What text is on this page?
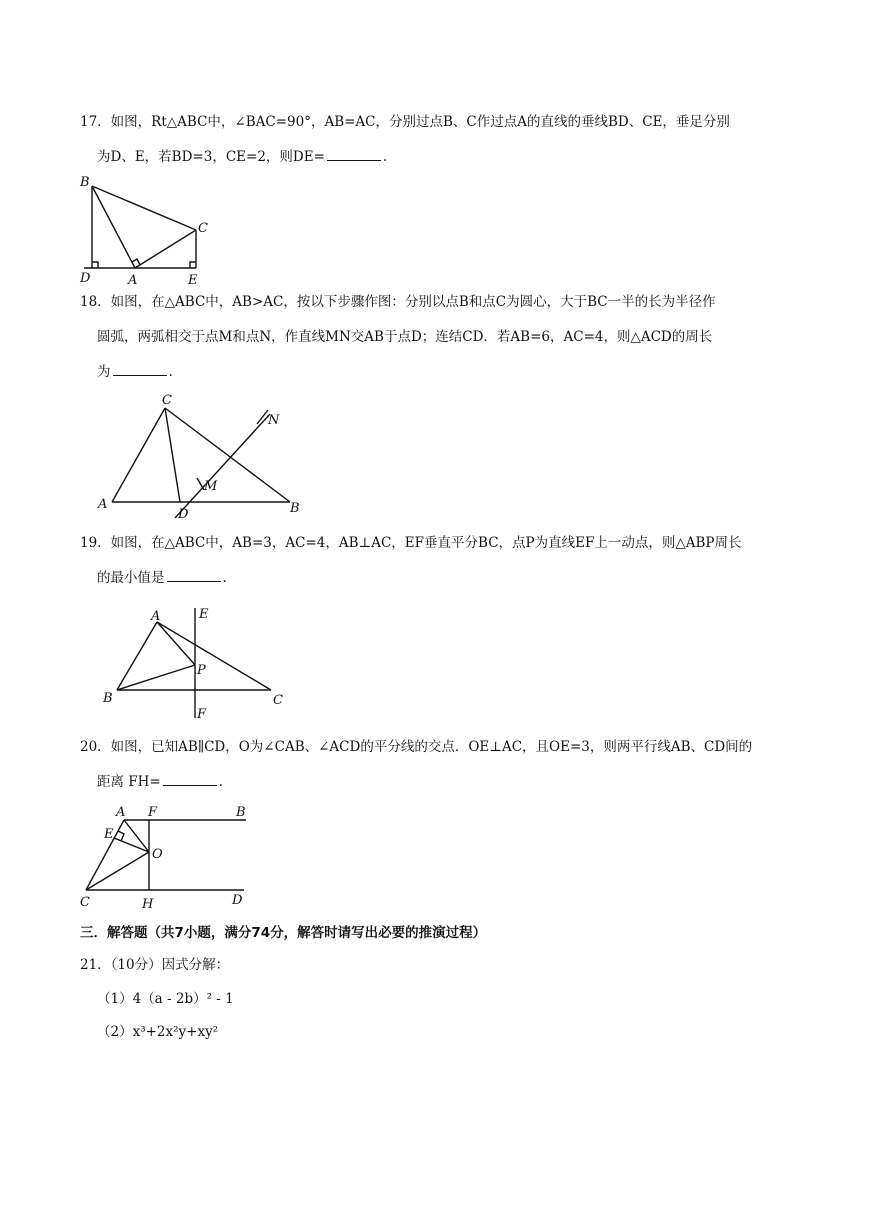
17．如图，Rt△ABC中，∠BAC=90°，AB=AC，分别过点B、C作过点A的直线的垂线BD、CE，垂足分别
为D、E，若BD=3，CE=2，则DE=	.
B
C
D	A	E
18．如图，在△ABC中，AB>AC，按以下步骤作图：分别以点B和点C为圆心，大于BC一半的长为半径作
圆弧，两弧相交于点M和点N，作直线MN交AB于点D；连结CD．若AB=6，AC=4，则△ACD的周长
为	.
C
N
M
A
D	B
19．如图，在△ABC中，AB=3，AC=4，AB⊥AC，EF垂直平分BC，点P为直线EF上一动点，则△ABP周长
的最小值是	.
A	E
P
B	C
F
20．如图，已知AB∥CD，O为∠CAB、∠ACD的平分线的交点．OE⊥AC，且OE=3，则两平行线AB、CD间的
距离 FH=	.
A F	B
E
O
C	H	D
三．解答题（共7小题，满分74分，解答时请写出必要的推演过程）
21．（10分）因式分解：
（1）4（a - 2b）² - 1
（2）x³+2x²y+xy²
